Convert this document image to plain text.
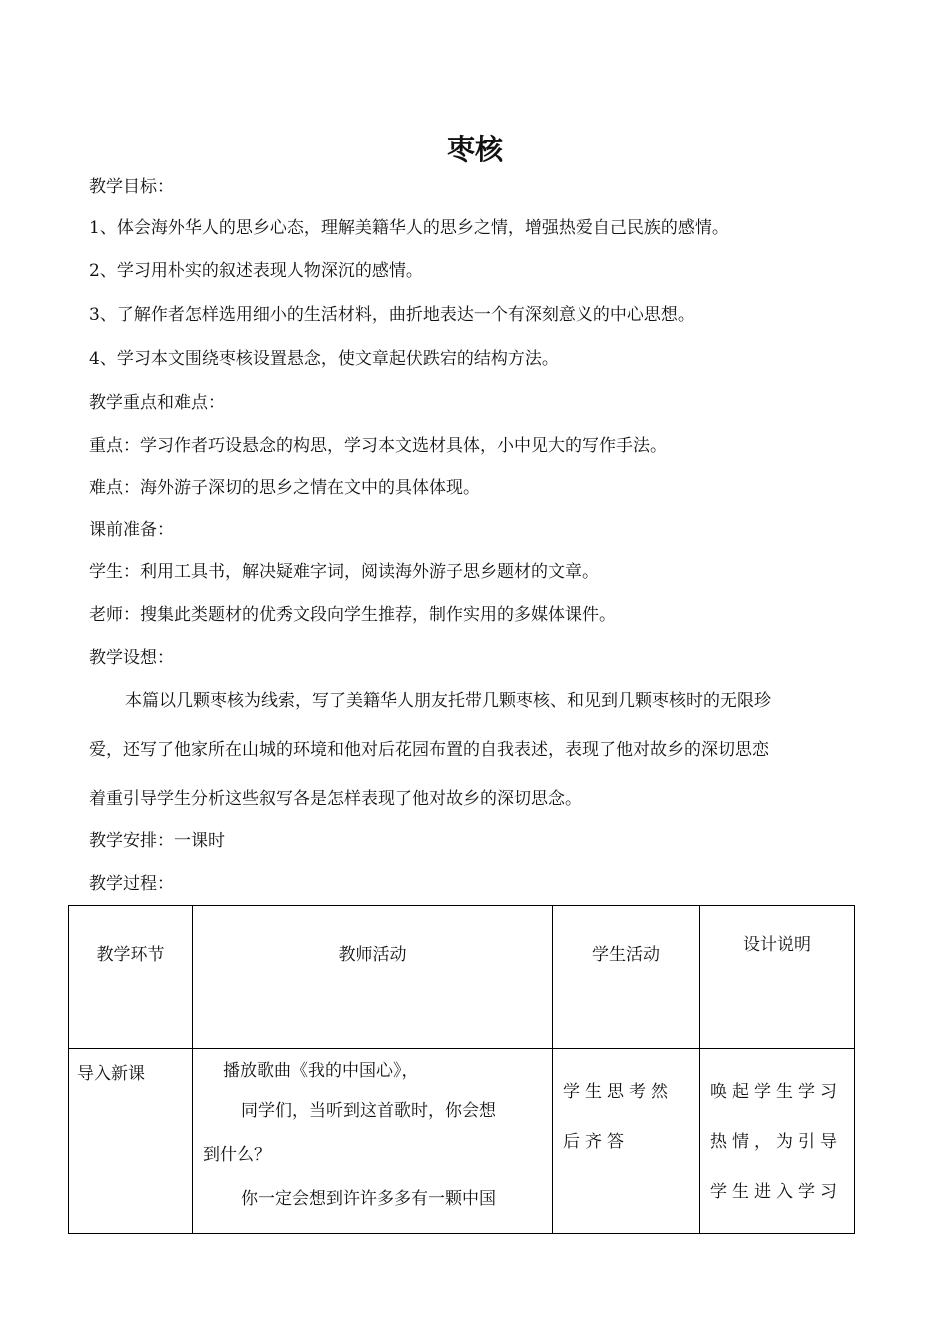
枣核
教学目标：
1、体会海外华人的思乡心态，理解美籍华人的思乡之情，增强热爱自己民族的感情。
2、学习用朴实的叙述表现人物深沉的感情。
3、了解作者怎样选用细小的生活材料，曲折地表达一个有深刻意义的中心思想。
4、学习本文围绕枣核设置悬念，使文章起伏跌宕的结构方法。
教学重点和难点：
重点：学习作者巧设悬念的构思，学习本文选材具体，小中见大的写作手法。
难点：海外游子深切的思乡之情在文中的具体体现。
课前准备：
学生：利用工具书，解决疑难字词，阅读海外游子思乡题材的文章。
老师：搜集此类题材的优秀文段向学生推荐，制作实用的多媒体课件。
教学设想：
本篇以几颗枣核为线索，写了美籍华人朋友托带几颗枣核、和见到几颗枣核时的无限珍
爱，还写了他家所在山城的环境和他对后花园布置的自我表述，表现了他对故乡的深切思恋
着重引导学生分析这些叙写各是怎样表现了他对故乡的深切思念。
教学安排：一课时
教学过程：
教学环节	教师活动	学生活动	设计说明
导入新课	播放歌曲《我的中国心》，
同学们，当听到这首歌时，你会想
到什么？
你一定会想到许许多多有一颗中国	学生思考然后齐答	唤起学生学习热情，为引导学生进入学习
